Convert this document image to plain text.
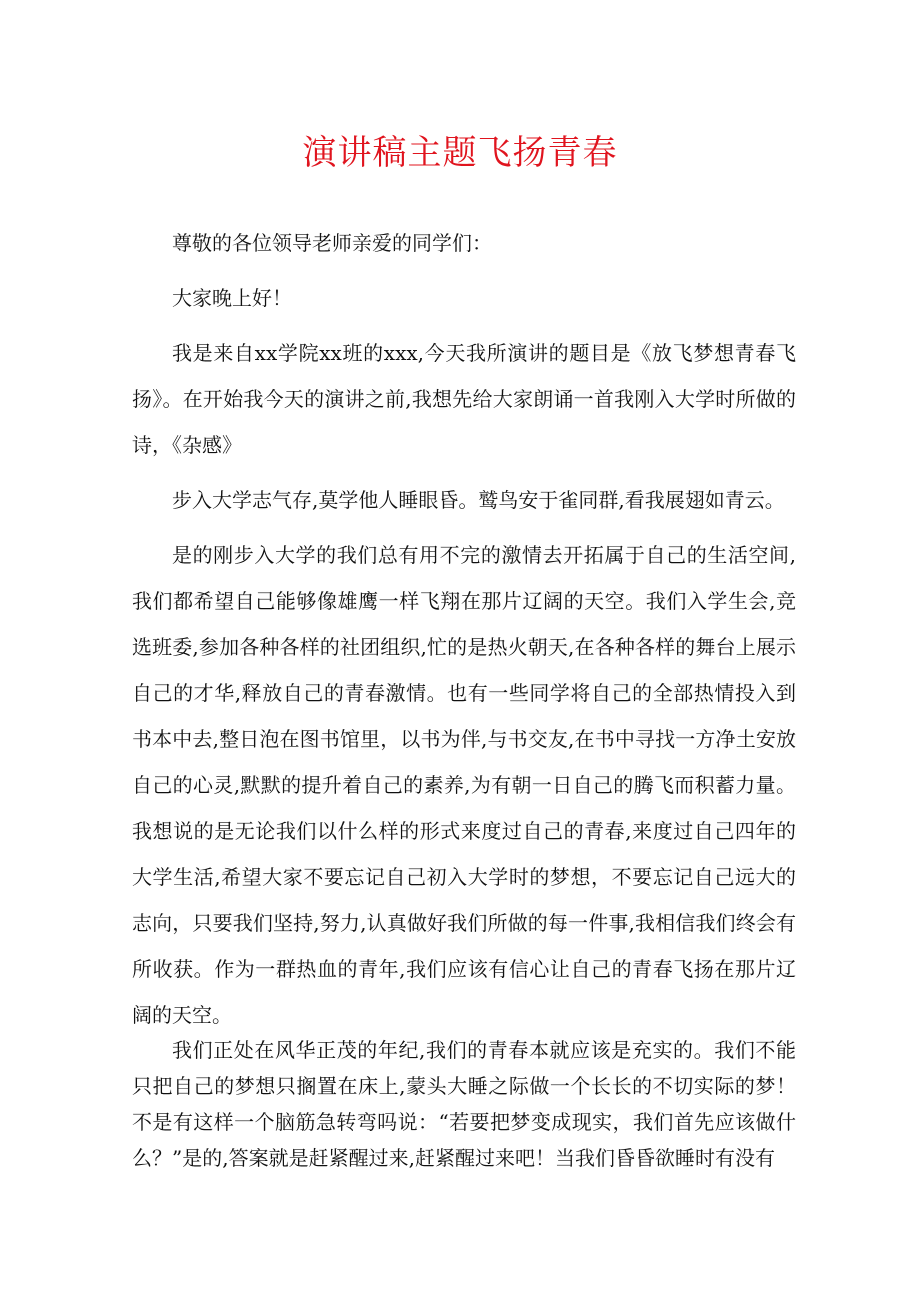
演讲稿主题飞扬青春

尊敬的各位领导老师亲爱的同学们：

大家晚上好！

我是来自xx学院xx班的xxx,今天我所演讲的题目是《放飞梦想青春飞扬》。在开始我今天的演讲之前,我想先给大家朗诵一首我刚入大学时所做的诗，《杂感》

步入大学志气存,莫学他人睡眼昏。鹫鸟安于雀同群,看我展翅如青云。

是的刚步入大学的我们总有用不完的激情去开拓属于自己的生活空间,我们都希望自己能够像雄鹰一样飞翔在那片辽阔的天空。我们入学生会,竞选班委,参加各种各样的社团组织,忙的是热火朝天,在各种各样的舞台上展示自己的才华,释放自己的青春激情。也有一些同学将自己的全部热情投入到书本中去,整日泡在图书馆里，以书为伴,与书交友,在书中寻找一方净土安放自己的心灵,默默的提升着自己的素养,为有朝一日自己的腾飞而积蓄力量。我想说的是无论我们以什么样的形式来度过自己的青春,来度过自己四年的大学生活,希望大家不要忘记自己初入大学时的梦想，不要忘记自己远大的志向，只要我们坚持,努力,认真做好我们所做的每一件事,我相信我们终会有所收获。作为一群热血的青年,我们应该有信心让自己的青春飞扬在那片辽阔的天空。

我们正处在风华正茂的年纪,我们的青春本就应该是充实的。我们不能只把自己的梦想只搁置在床上,蒙头大睡之际做一个长长的不切实际的梦！不是有这样一个脑筋急转弯吗说：“若要把梦变成现实，我们首先应该做什么？”是的,答案就是赶紧醒过来,赶紧醒过来吧！当我们昏昏欲睡时有没有
